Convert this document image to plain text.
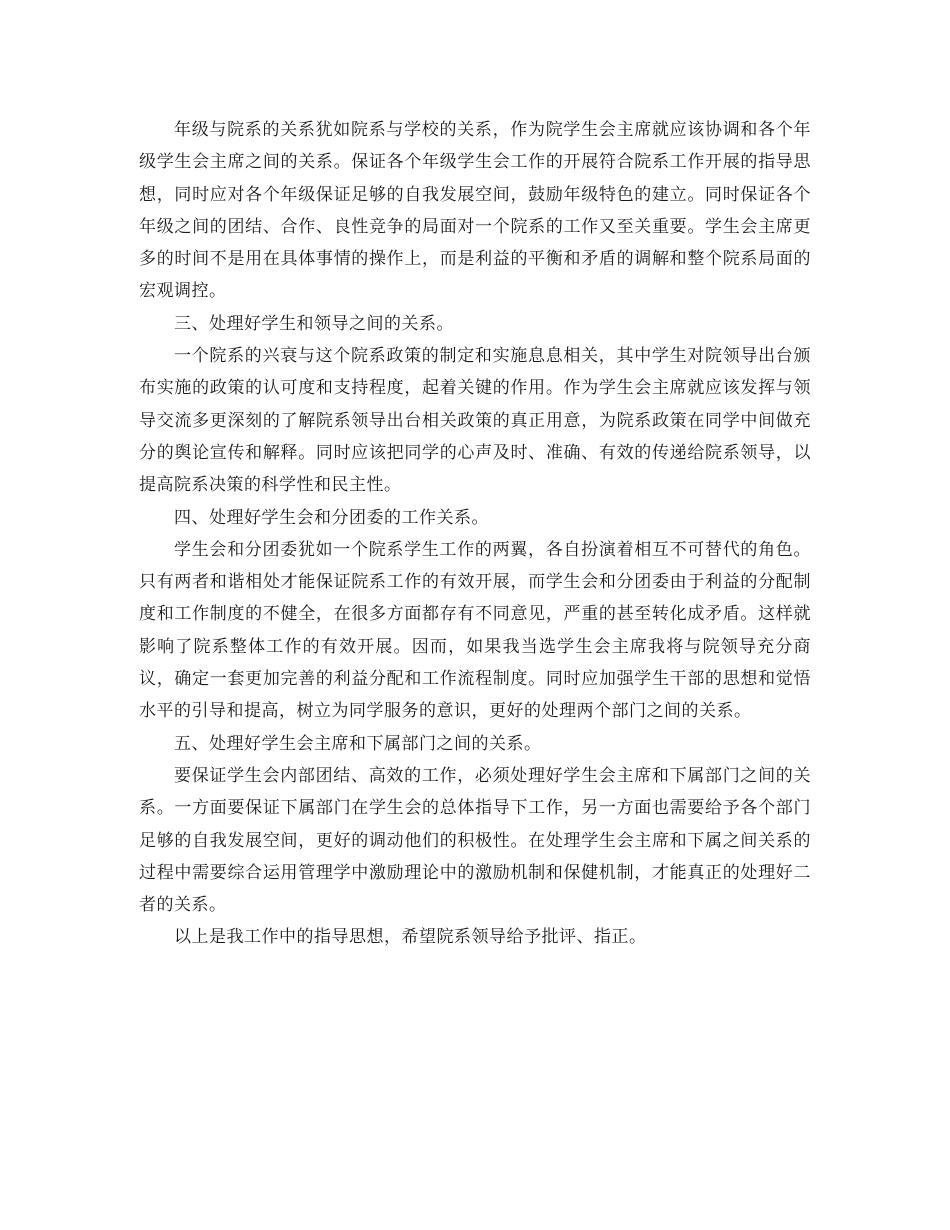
年级与院系的关系犹如院系与学校的关系，作为院学生会主席就应该协调和各个年级学生会主席之间的关系。保证各个年级学生会工作的开展符合院系工作开展的指导思想，同时应对各个年级保证足够的自我发展空间，鼓励年级特色的建立。同时保证各个年级之间的团结、合作、良性竞争的局面对一个院系的工作又至关重要。学生会主席更多的时间不是用在具体事情的操作上，而是利益的平衡和矛盾的调解和整个院系局面的宏观调控。

三、处理好学生和领导之间的关系。

一个院系的兴衰与这个院系政策的制定和实施息息相关，其中学生对院领导出台颁布实施的政策的认可度和支持程度，起着关键的作用。作为学生会主席就应该发挥与领导交流多更深刻的了解院系领导出台相关政策的真正用意，为院系政策在同学中间做充分的舆论宣传和解释。同时应该把同学的心声及时、准确、有效的传递给院系领导，以提高院系决策的科学性和民主性。

四、处理好学生会和分团委的工作关系。

学生会和分团委犹如一个院系学生工作的两翼，各自扮演着相互不可替代的角色。只有两者和谐相处才能保证院系工作的有效开展，而学生会和分团委由于利益的分配制度和工作制度的不健全，在很多方面都存有不同意见，严重的甚至转化成矛盾。这样就影响了院系整体工作的有效开展。因而，如果我当选学生会主席我将与院领导充分商议，确定一套更加完善的利益分配和工作流程制度。同时应加强学生干部的思想和觉悟水平的引导和提高，树立为同学服务的意识，更好的处理两个部门之间的关系。

五、处理好学生会主席和下属部门之间的关系。

要保证学生会内部团结、高效的工作，必须处理好学生会主席和下属部门之间的关系。一方面要保证下属部门在学生会的总体指导下工作，另一方面也需要给予各个部门足够的自我发展空间，更好的调动他们的积极性。在处理学生会主席和下属之间关系的过程中需要综合运用管理学中激励理论中的激励机制和保健机制，才能真正的处理好二者的关系。

以上是我工作中的指导思想，希望院系领导给予批评、指正。
